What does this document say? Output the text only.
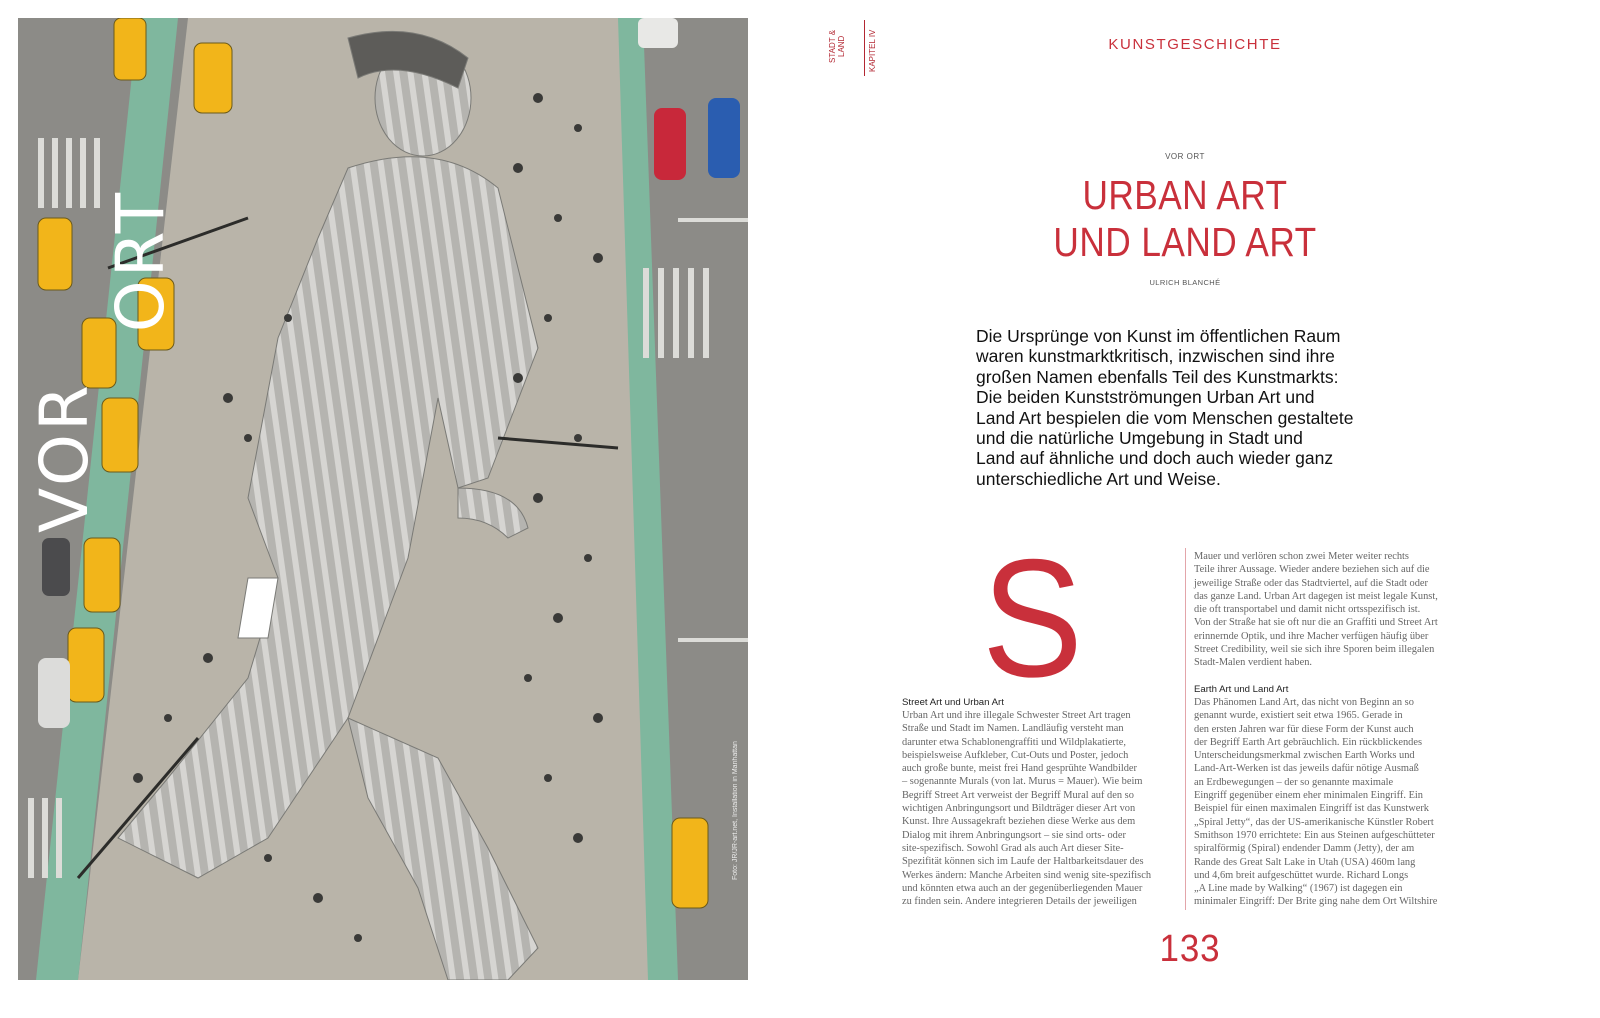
VOR ORT
Foto: JR/JR-art.net, Installation in Manhattan
STADT & LAND	KAPITEL IV	KUNSTGESCHICHTE
VOR ORT
URBAN ART
UND LAND ART
ULRICH BLANCHÉ

Die Ursprünge von Kunst im öffentlichen Raum

waren kunstmarktkritisch, inzwischen sind ihre

großen Namen ebenfalls Teil des Kunstmarkts:

Die beiden Kunstströmungen Urban Art und

Land Art bespielen die vom Menschen gestaltete

und die natürliche Umgebung in Stadt und

Land auf ähnliche und doch auch wieder ganz

unterschiedliche Art und Weise.

S

Street Art und Urban Art

Urban Art und ihre illegale Schwester Street Art tragen

Straße und Stadt im Namen. Landläufig versteht man

darunter etwa Schablonengraffiti und Wildplakatierte,

beispielsweise Aufkleber, Cut-Outs und Poster, jedoch

auch große bunte, meist frei Hand gesprühte Wandbilder

– sogenannte Murals (von lat. Murus = Mauer). Wie beim

Begriff Street Art verweist der Begriff Mural auf den so

wichtigen Anbringungsort und Bildträger dieser Art von

Kunst. Ihre Aussagekraft beziehen diese Werke aus dem

Dialog mit ihrem Anbringungsort – sie sind orts- oder

site-spezifisch. Sowohl Grad als auch Art dieser Site-

Spezifität können sich im Laufe der Haltbarkeitsdauer des

Werkes ändern: Manche Arbeiten sind wenig site-spezifisch

und könnten etwa auch an der gegenüberliegenden Mauer

zu finden sein. Andere integrieren Details der jeweiligen

Mauer und verlören schon zwei Meter weiter rechts

Teile ihrer Aussage. Wieder andere beziehen sich auf die

jeweilige Straße oder das Stadtviertel, auf die Stadt oder

das ganze Land. Urban Art dagegen ist meist legale Kunst,

die oft transportabel und damit nicht ortsspezifisch ist.

Von der Straße hat sie oft nur die an Graffiti und Street Art

erinnernde Optik, und ihre Macher verfügen häufig über

Street Credibility, weil sie sich ihre Sporen beim illegalen

Stadt-Malen verdient haben.

Earth Art und Land Art

Das Phänomen Land Art, das nicht von Beginn an so

genannt wurde, existiert seit etwa 1965. Gerade in

den ersten Jahren war für diese Form der Kunst auch

der Begriff Earth Art gebräuchlich. Ein rückblickendes

Unterscheidungsmerkmal zwischen Earth Works und

Land-Art-Werken ist das jeweils dafür nötige Ausmaß

an Erdbewegungen – der so genannte maximale

Eingriff gegenüber einem eher minimalen Eingriff. Ein

Beispiel für einen maximalen Eingriff ist das Kunstwerk

„Spiral Jetty“, das der US-amerikanische Künstler Robert

Smithson 1970 errichtete: Ein aus Steinen aufgeschütteter

spiralförmig (Spiral) endender Damm (Jetty), der am

Rande des Great Salt Lake in Utah (USA) 460m lang

und 4,6m breit aufgeschüttet wurde. Richard Longs

„A Line made by Walking“ (1967) ist dagegen ein

minimaler Eingriff: Der Brite ging nahe dem Ort Wiltshire

133
